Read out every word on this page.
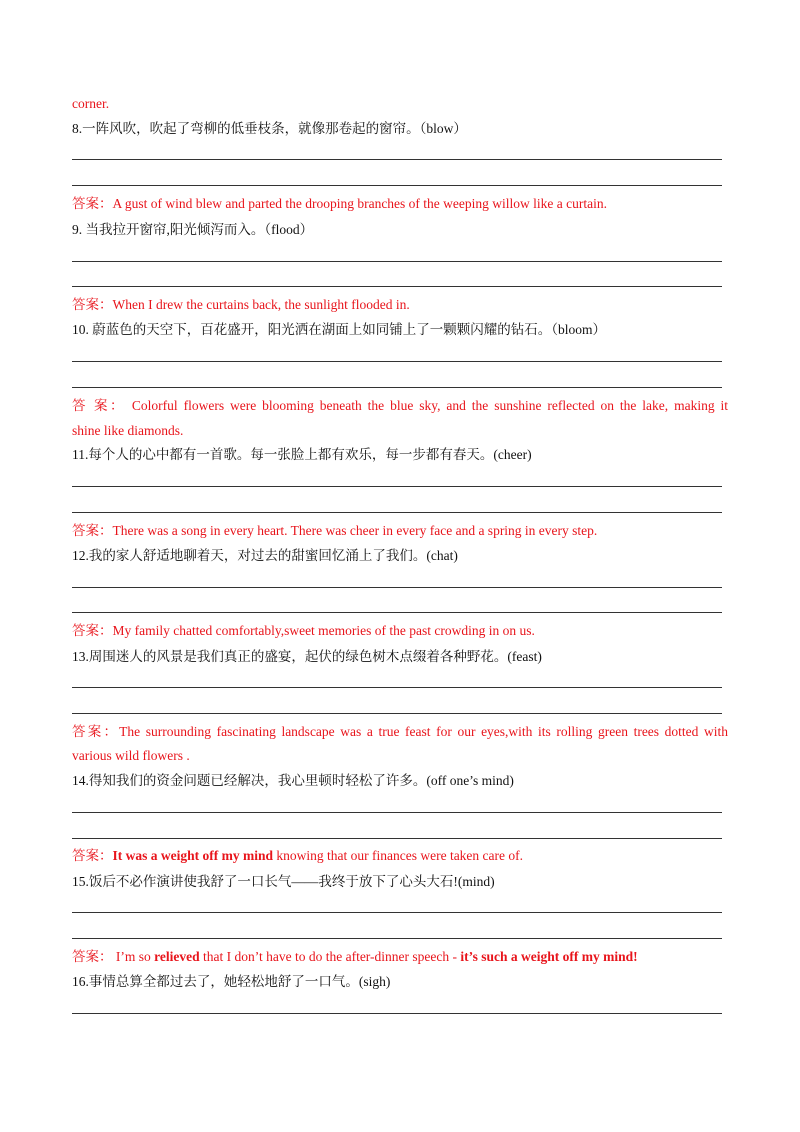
corner.
8.一阵风吹，吹起了弯柳的低垂枝条，就像那卷起的窗帘。（blow）
答案：A gust of wind blew and parted the drooping branches of the weeping willow like a curtain.
9. 当我拉开窗帘,阳光倾泻而入。（flood）
答案：When I drew the curtains back, the sunlight flooded in.
10. 蔚蓝色的天空下，百花盛开，阳光洒在湖面上如同铺上了一颗颗闪耀的钻石。（bloom）
答 案： Colorful flowers were blooming beneath the blue sky, and the sunshine reflected on the lake, making it
shine like diamonds.
11.每个人的心中都有一首歌。每一张脸上都有欢乐，每一步都有春天。(cheer)
答案：There was a song in every heart. There was cheer in every face and a spring in every step.
12.我的家人舒适地聊着天，对过去的甜蜜回忆涌上了我们。(chat)
答案：My family chatted comfortably,sweet memories of the past crowding in on us.
13.周围迷人的风景是我们真正的盛宴，起伏的绿色树木点缀着各种野花。(feast)
答案：The surrounding fascinating landscape was a true feast for our eyes,with its rolling green trees dotted with
various wild flowers .
14.得知我们的资金问题已经解决，我心里顿时轻松了许多。(off one’s mind)
答案：It was a weight off my mind knowing that our finances were taken care of.
15.饭后不必作演讲使我舒了一口长气——我终于放下了心头大石!(mind)
答案： I’m so relieved that I don’t have to do the after-dinner speech - it’s such a weight off my mind!
16.事情总算全都过去了，她轻松地舒了一口气。(sigh)
